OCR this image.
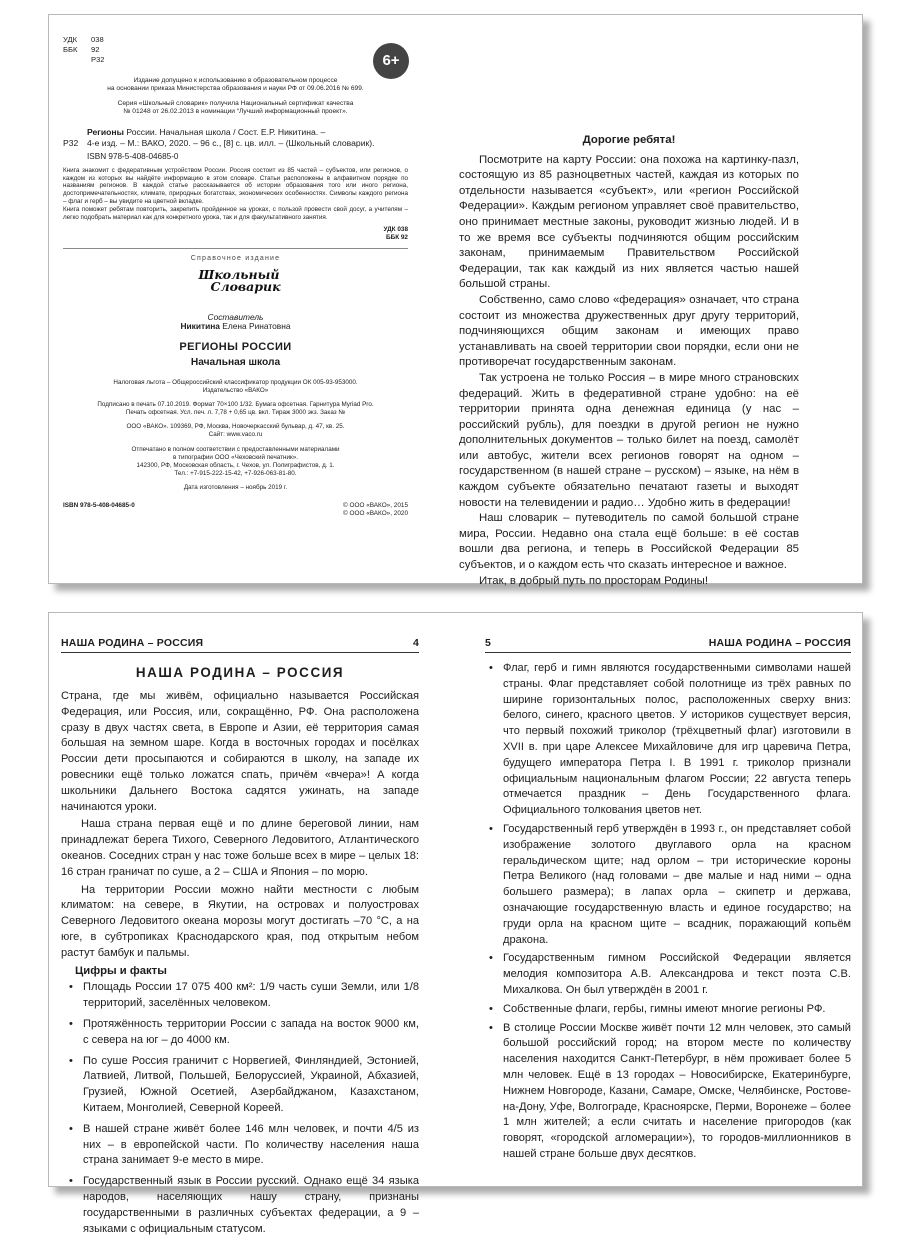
УДК 038
ББК 92
Р32	6+
Издание допущено к использованию в образовательном процессе
на основании приказа Министерства образования и науки РФ от 09.06.2016 № 699.
Серия «Школьный словарик» получила Национальный сертификат качества
№ 01248 от 26.02.2013 в номинации “Лучший информационный проект».
Р32
Регионы России. Начальная школа / Сост. Е.Р. Никитина. –
4-е изд. – М.: ВАКО, 2020. – 96 с., [8] с. цв. илл. – (Школьный словарик).
ISBN 978-5-408-04685-0
Книга знакомит с федеративным устройством России. Россия состоит из 85 частей – субъектов, или регионов, о каждом из которых вы найдёте информацию в этом словаре. Статьи расположены в алфавитном порядке по названиям регионов. В каждой статье рассказывается об истории образования того или иного региона, достопримечательностях, климате, природных богатствах, экономических особенностях. Символы каждого региона – флаг и герб – вы увидите на цветной вкладке.
Книга поможет ребятам повторить, закрепить пройденное на уроках, с пользой провести свой досуг, а учителям – легко подобрать материал как для конкретного урока, так и для факультативного занятия.
УДК 038
ББК 92
Справочное издание
Школьный
Словарик
Составитель
Никитина Елена Ринатовна
РЕГИОНЫ РОССИИ
Начальная школа

Налоговая льгота – Общероссийский классификатор продукции ОК 005-93-953000.
Издательство «ВАКО»

Подписано в печать 07.10.2019. Формат 70×100 1/32. Бумага офсетная. Гарнитура Myriad Pro.
Печать офсетная. Усл. печ. л. 7,78 + 0,65 цв. вкл. Тираж 3000 экз. Заказ №

ООО «ВАКО». 109369, РФ, Москва, Новочеркасский бульвар, д. 47, кв. 25.
Сайт: www.vaco.ru

Отпечатано в полном соответствии с предоставленными материалами
в типографии ООО «Чеховский печатник».
142300, РФ, Московская область, г. Чехов, ул. Полиграфистов, д. 1.
Тел.: +7-915-222-15-42, +7-926-063-81-80.

Дата изготовления – ноябрь 2019 г.

ISBN 978-5-408-04685-0	© ООО «ВАКО», 2015
© ООО «ВАКО», 2020
Дорогие ребята!

Посмотрите на карту России: она похожа на картинку-пазл, состоящую из 85 разноцветных частей, каждая из которых по отдельности называется «субъект», или «регион Российской Федерации». Каждым регионом управляет своё правительство, оно принимает местные законы, руководит жизнью людей. И в то же время все субъекты подчиняются общим российским законам, принимаемым Правительством Российской Федерации, так как каждый из них является частью нашей большой страны.

Собственно, само слово «федерация» означает, что страна состоит из множества дружественных друг другу территорий, подчиняющихся общим законам и имеющих право устанавливать на своей территории свои порядки, если они не противоречат государственным законам.

Так устроена не только Россия – в мире много страновских федераций. Жить в федеративной стране удобно: на её территории принята одна денежная единица (у нас – российский рубль), для поездки в другой регион не нужно дополнительных документов – только билет на поезд, самолёт или автобус, жители всех регионов говорят на одном – государственном (в нашей стране – русском) – языке, на нём в каждом субъекте обязательно печатают газеты и выходят новости на телевидении и радио… Удобно жить в федерации!

Наш словарик – путеводитель по самой большой стране мира, России. Недавно она стала ещё больше: в её состав вошли два региона, и теперь в Российской Федерации 85 субъектов, и о каждом есть что сказать интересное и важное.

Итак, в добрый путь по просторам Родины!

НАША РОДИНА – РОССИЯ	4
НАША РОДИНА – РОССИЯ

Страна, где мы живём, официально называется Российская Федерация, или Россия, или, сокращённо, РФ. Она расположена сразу в двух частях света, в Европе и Азии, её территория самая большая на земном шаре. Когда в восточных городах и посёлках России дети просыпаются и собираются в школу, на западе их ровесники ещё только ложатся спать, причём «вчера»! А когда школьники Дальнего Востока садятся ужинать, на западе начинаются уроки.

Наша страна первая ещё и по длине береговой линии, нам принадлежат берега Тихого, Северного Ледовитого, Атлантического океанов. Соседних стран у нас тоже больше всех в мире – целых 18: 16 стран граничат по суше, а 2 – США и Япония – по морю.

На территории России можно найти местности с любым климатом: на севере, в Якутии, на островах и полуостровах Северного Ледовитого океана морозы могут достигать –70 °С, а на юге, в субтропиках Краснодарского края, под открытым небом растут бамбук и пальмы.

Цифры и факты
• Площадь России 17 075 400 км²: 1/9 часть суши Земли, или 1/8 территорий, заселённых человеком.
• Протяжённость территории России с запада на восток 9000 км, с севера на юг – до 4000 км.
• По суше Россия граничит с Норвегией, Финляндией, Эстонией, Латвией, Литвой, Польшей, Белоруссией, Украиной, Абхазией, Грузией, Южной Осетией, Азербайджаном, Казахстаном, Китаем, Монголией, Северной Кореей.
• В нашей стране живёт более 146 млн человек, и почти 4/5 из них – в европейской части. По количеству населения наша страна занимает 9-е место в мире.
• Государственный язык в России русский. Однако ещё 34 языка народов, населяющих нашу страну, признаны государственными в различных субъектах федерации, а 9 – языками с официальным статусом.
5	НАША РОДИНА – РОССИЯ
• Флаг, герб и гимн являются государственными символами нашей страны. Флаг представляет собой полотнище из трёх равных по ширине горизонтальных полос, расположенных сверху вниз: белого, синего, красного цветов. У историков существует версия, что первый похожий триколор (трёхцветный флаг) изготовили в XVII в. при царе Алексее Михайловиче для игр царевича Петра, будущего императора Петра I. В 1991 г. триколор признали официальным национальным флагом России; 22 августа теперь отмечается праздник – День Государственного флага. Официального толкования цветов нет.
• Государственный герб утверждён в 1993 г., он представляет собой изображение золотого двуглавого орла на красном геральдическом щите; над орлом – три исторические короны Петра Великого (над головами – две малые и над ними – одна большего размера); в лапах орла – скипетр и держава, означающие государственную власть и единое государство; на груди орла на красном щите – всадник, поражающий копьём дракона.
• Государственным гимном Российской Федерации является мелодия композитора А.В. Александрова и текст поэта С.В. Михалкова. Он был утверждён в 2001 г.
• Собственные флаги, гербы, гимны имеют многие регионы РФ.
• В столице России Москве живёт почти 12 млн человек, это самый большой российский город; на втором месте по количеству населения находится Санкт-Петербург, в нём проживает более 5 млн человек. Ещё в 13 городах – Новосибирске, Екатеринбурге, Нижнем Новгороде, Казани, Самаре, Омске, Челябинске, Ростове-на-Дону, Уфе, Волгограде, Красноярске, Перми, Воронеже – более 1 млн жителей; а если считать и население пригородов (как говорят, «городской агломерации»), то городов-миллионников в нашей стране больше двух десятков.
